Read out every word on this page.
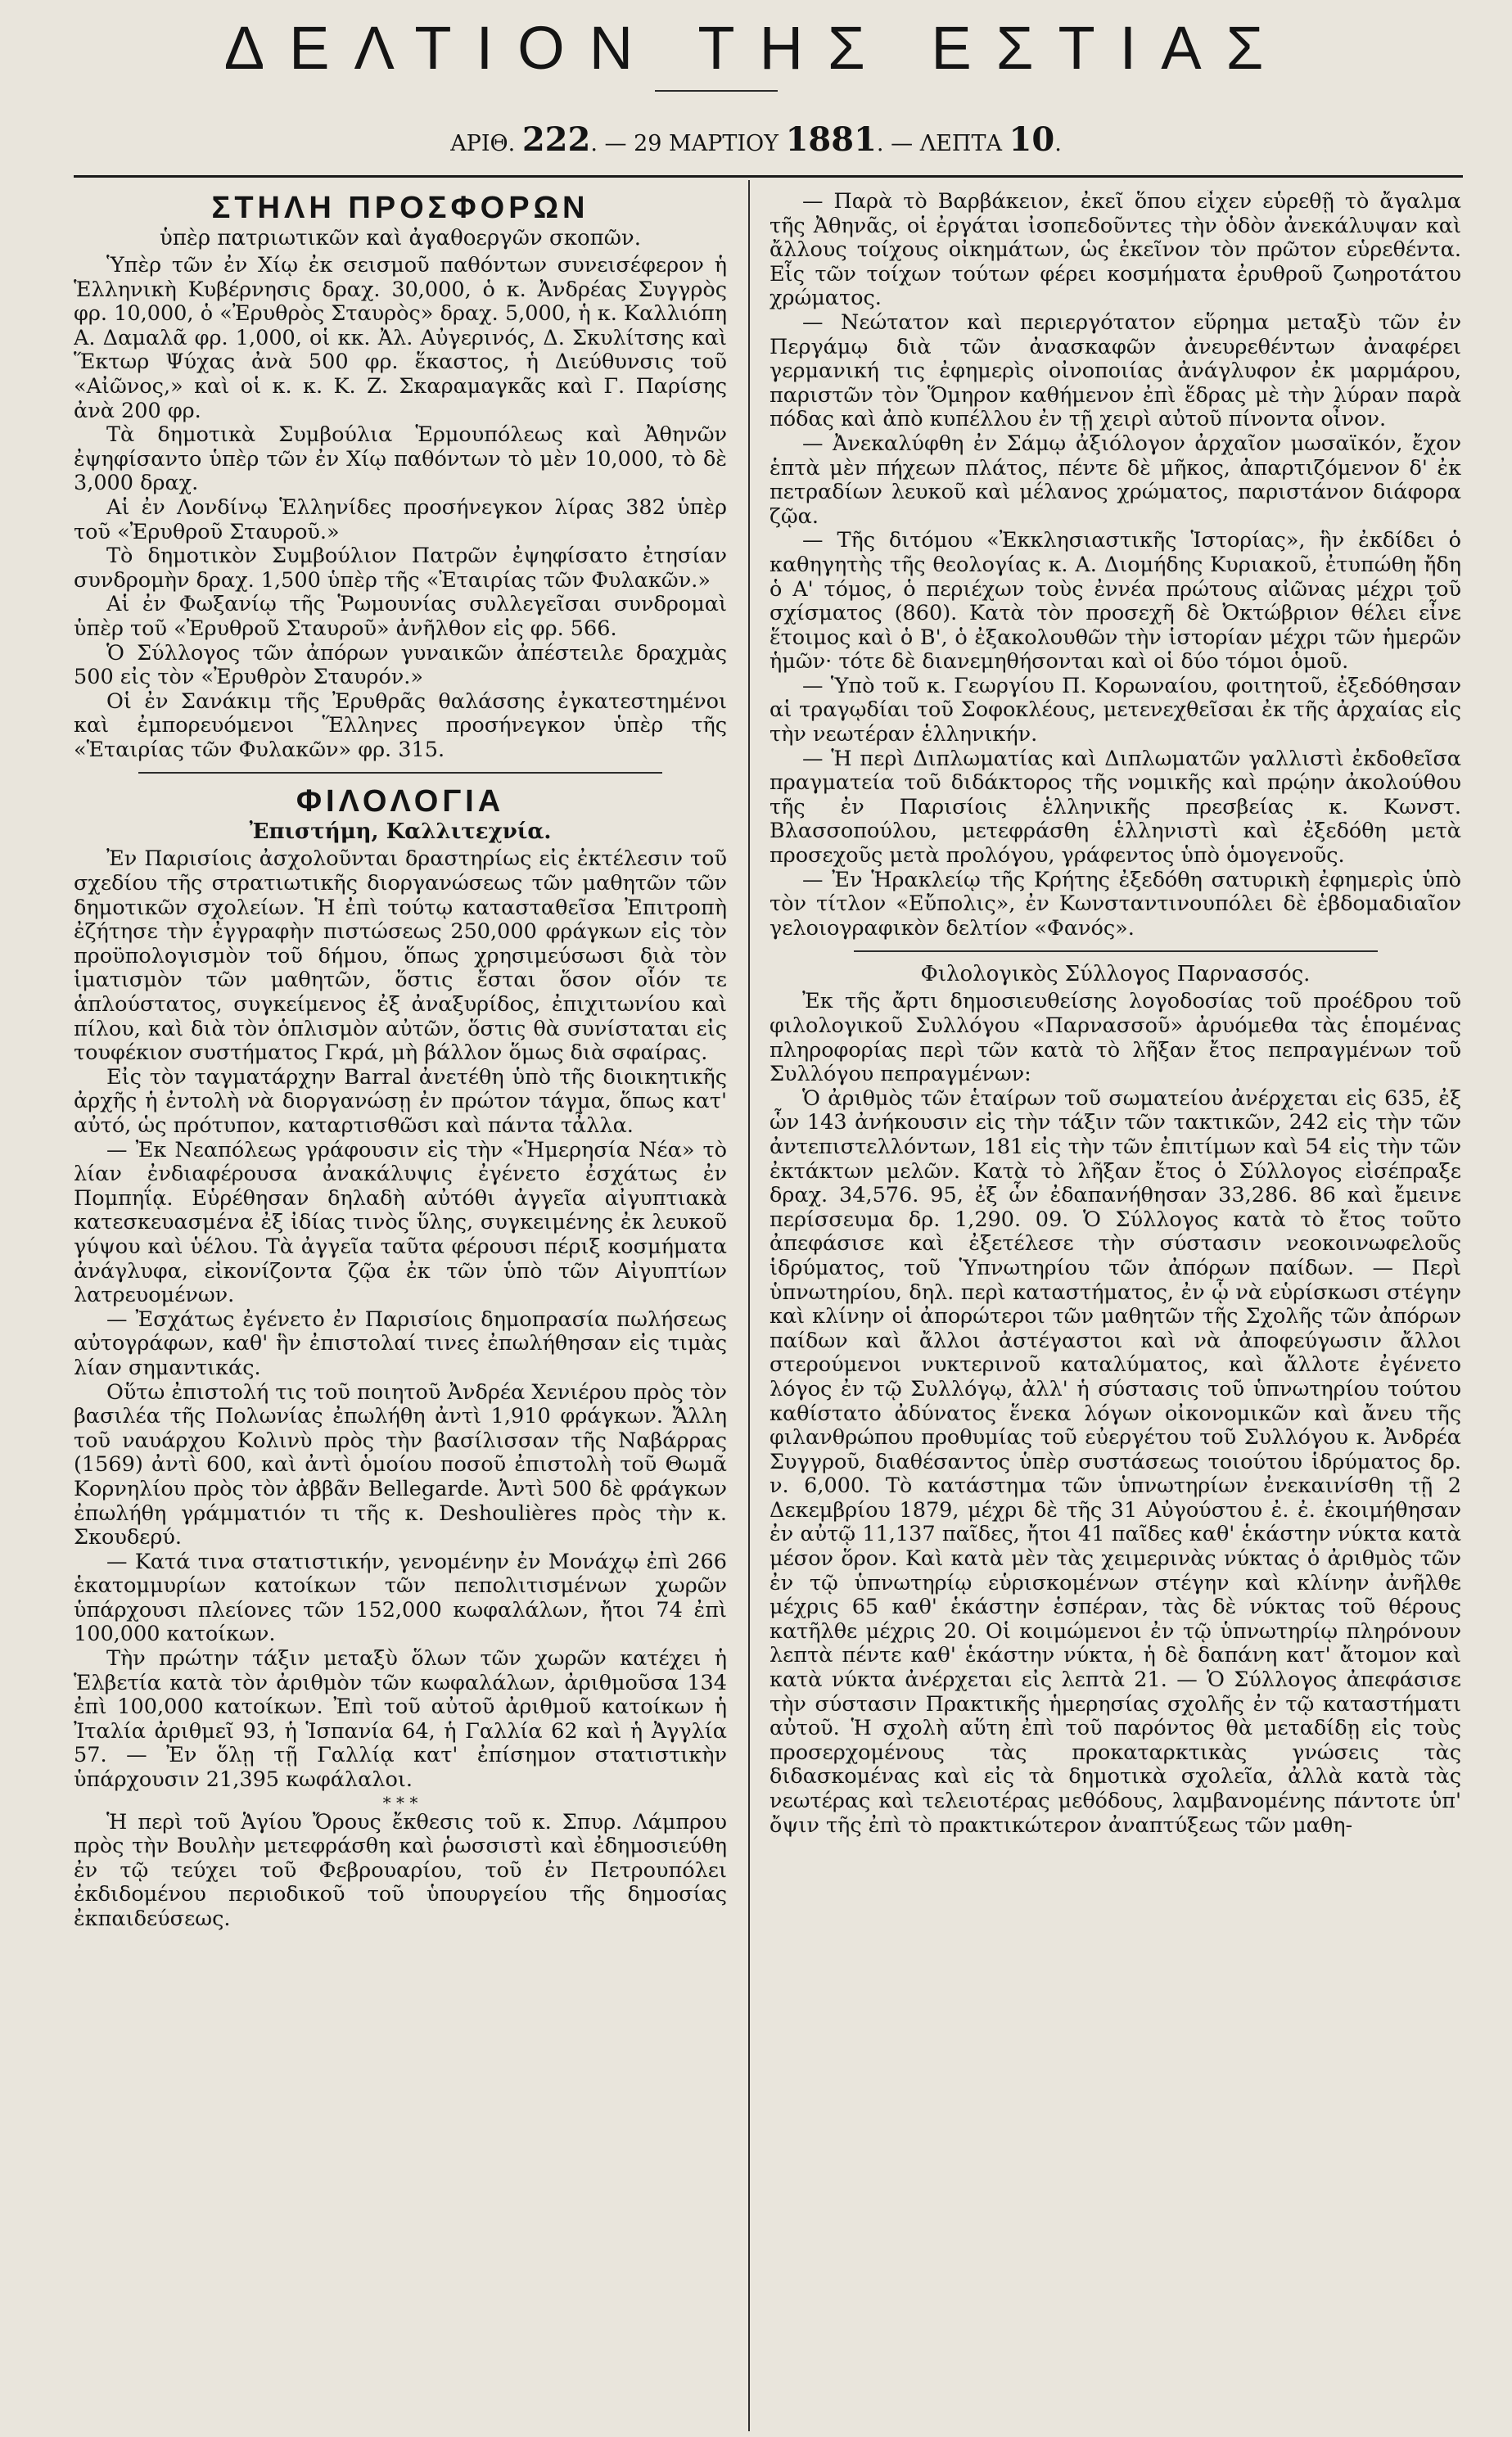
ΔΕΛΤΙΟΝ ΤΗΣ ΕΣΤΙΑΣ
ΑΡΙΘ. 222. — 29 ΜΑΡΤΙΟΥ 1881. — ΛΕΠΤΑ 10.
ΣΤΗΛΗ ΠΡΟΣΦΟΡΩΝ
ὑπὲρ πατριωτικῶν καὶ ἀγαθοεργῶν σκοπῶν.

Ὑπὲρ τῶν ἐν Χίῳ ἐκ σεισμοῦ παθόντων συνεισέφερον ἡ Ἑλληνικὴ Κυβέρνησις δραχ. 30,000, ὁ κ. Ἀνδρέας Συγγρὸς φρ. 10,000, ὁ «Ἐρυθρὸς Σταυρὸς» δραχ. 5,000, ἡ κ. Καλλιόπη Α. Δαμαλᾶ φρ. 1,000, οἱ κκ. Ἀλ. Αὐγερινός, Δ. Σκυλίτσης καὶ Ἕκτωρ Ψύχας ἀνὰ 500 φρ. ἕκαστος, ἡ Διεύθυνσις τοῦ «Αἰῶνος,» καὶ οἱ κ. κ. Κ. Ζ. Σκαραμαγκᾶς καὶ Γ. Παρίσης ἀνὰ 200 φρ.

Τὰ δημοτικὰ Συμβούλια Ἑρμουπόλεως καὶ Ἀθηνῶν ἐψηφίσαντο ὑπὲρ τῶν ἐν Χίῳ παθόντων τὸ μὲν 10,000, τὸ δὲ 3,000 δραχ.

Αἱ ἐν Λονδίνῳ Ἑλληνίδες προσήνεγκον λίρας 382 ὑπὲρ τοῦ «Ἐρυθροῦ Σταυροῦ.»

Τὸ δημοτικὸν Συμβούλιον Πατρῶν ἐψηφίσατο ἐτησίαν συνδρομὴν δραχ. 1,500 ὑπὲρ τῆς «Ἑταιρίας τῶν Φυλακῶν.»

Αἱ ἐν Φωξανίῳ τῆς Ῥωμουνίας συλλεγεῖσαι συνδρομαὶ ὑπὲρ τοῦ «Ἐρυθροῦ Σταυροῦ» ἀνῆλθον εἰς φρ. 566.

Ὁ Σύλλογος τῶν ἀπόρων γυναικῶν ἀπέστειλε δραχμὰς 500 εἰς τὸν «Ἐρυθρὸν Σταυρόν.»

Οἱ ἐν Σανάκιμ τῆς Ἐρυθρᾶς θαλάσσης ἐγκατεστημένοι καὶ ἐμπορευόμενοι Ἕλληνες προσήνεγκον ὑπὲρ τῆς «Ἑταιρίας τῶν Φυλακῶν» φρ. 315.

ΦΙΛΟΛΟΓΙΑ
Ἐπιστήμη, Καλλιτεχνία.

Ἐν Παρισίοις ἀσχολοῦνται δραστηρίως εἰς ἐκτέλεσιν τοῦ σχεδίου τῆς στρατιωτικῆς διοργανώσεως τῶν μαθητῶν τῶν δημοτικῶν σχολείων. Ἡ ἐπὶ τούτῳ κατασταθεῖσα Ἐπιτροπὴ ἐζήτησε τὴν ἐγγραφὴν πιστώσεως 250,000 φράγκων εἰς τὸν προϋπολογισμὸν τοῦ δήμου, ὅπως χρησιμεύσωσι διὰ τὸν ἱματισμὸν τῶν μαθητῶν, ὅστις ἔσται ὅσον οἷόν τε ἁπλούστατος, συγκείμενος ἐξ ἀναξυρίδος, ἐπιχιτωνίου καὶ πίλου, καὶ διὰ τὸν ὁπλισμὸν αὐτῶν, ὅστις θὰ συνίσταται εἰς τουφέκιον συστήματος Γκρά, μὴ βάλλον ὅμως διὰ σφαίρας.

Εἰς τὸν ταγματάρχην Barral ἀνετέθη ὑπὸ τῆς διοικητικῆς ἀρχῆς ἡ ἐντολὴ νὰ διοργανώσῃ ἐν πρώτον τάγμα, ὅπως κατ' αὐτό, ὡς πρότυπον, καταρτισθῶσι καὶ πάντα τἆλλα.

— Ἐκ Νεαπόλεως γράφουσιν εἰς τὴν «Ἡμερησία Νέα» τὸ λίαν ἐνδιαφέρουσα ἀνακάλυψις ἐγένετο ἐσχάτως ἐν Πομπηΐᾳ. Εὑρέθησαν δηλαδὴ αὐτόθι ἀγγεῖα αἰγυπτιακὰ κατεσκευασμένα ἐξ ἰδίας τινὸς ὕλης, συγκειμένης ἐκ λευκοῦ γύψου καὶ ὑέλου. Τὰ ἀγγεῖα ταῦτα φέρουσι πέριξ κοσμήματα ἀνάγλυφα, εἰκονίζοντα ζῷα ἐκ τῶν ὑπὸ τῶν Αἰγυπτίων λατρευομένων.

— Ἐσχάτως ἐγένετο ἐν Παρισίοις δημοπρασία πωλήσεως αὐτογράφων, καθ' ἣν ἐπιστολαί τινες ἐπωλήθησαν εἰς τιμὰς λίαν σημαντικάς.

Οὕτω ἐπιστολή τις τοῦ ποιητοῦ Ἀνδρέα Χενιέρου πρὸς τὸν βασιλέα τῆς Πολωνίας ἐπωλήθη ἀντὶ 1,910 φράγκων. Ἄλλη τοῦ ναυάρχου Κολινὺ πρὸς τὴν βασίλισσαν τῆς Ναβάρρας (1569) ἀντὶ 600, καὶ ἀντὶ ὁμοίου ποσοῦ ἐπιστολὴ τοῦ Θωμᾶ Κορνηλίου πρὸς τὸν ἀββᾶν Bellegarde. Ἀντὶ 500 δὲ φράγκων ἐπωλήθη γράμματιόν τι τῆς κ. Deshoulières πρὸς τὴν κ. Σκουδερύ.

— Κατά τινα στατιστικήν, γενομένην ἐν Μονάχῳ ἐπὶ 266 ἑκατομμυρίων κατοίκων τῶν πεπολιτισμένων χωρῶν ὑπάρχουσι πλείονες τῶν 152,000 κωφαλάλων, ἤτοι 74 ἐπὶ 100,000 κατοίκων.

Τὴν πρώτην τάξιν μεταξὺ ὅλων τῶν χωρῶν κατέχει ἡ Ἑλβετία κατὰ τὸν ἀριθμὸν τῶν κωφαλάλων, ἀριθμοῦσα 134 ἐπὶ 100,000 κατοίκων. Ἐπὶ τοῦ αὐτοῦ ἀριθμοῦ κατοίκων ἡ Ἰταλία ἀριθμεῖ 93, ἡ Ἱσπανία 64, ἡ Γαλλία 62 καὶ ἡ Ἀγγλία 57. — Ἐν ὅλῃ τῇ Γαλλίᾳ κατ' ἐπίσημον στατιστικὴν ὑπάρχουσιν 21,395 κωφάλαλοι.

* * *

Ἡ περὶ τοῦ Ἁγίου Ὄρους ἔκθεσις τοῦ κ. Σπυρ. Λάμπρου πρὸς τὴν Βουλὴν μετεφράσθη καὶ ῥωσσιστὶ καὶ ἐδημοσιεύθη ἐν τῷ τεύχει τοῦ Φεβρουαρίου, τοῦ ἐν Πετρουπόλει ἐκδιδομένου περιοδικοῦ τοῦ ὑπουργείου τῆς δημοσίας ἐκπαιδεύσεως.

— Παρὰ τὸ Βαρβάκειον, ἐκεῖ ὅπου εἶχεν εὑρεθῇ τὸ ἄγαλμα τῆς Ἀθηνᾶς, οἱ ἐργάται ἰσοπεδοῦντες τὴν ὁδὸν ἀνεκάλυψαν καὶ ἄλλους τοίχους οἰκημάτων, ὡς ἐκεῖνον τὸν πρῶτον εὑρεθέντα. Εἷς τῶν τοίχων τούτων φέρει κοσμήματα ἐρυθροῦ ζωηροτάτου χρώματος.

— Νεώτατον καὶ περιεργότατον εὕρημα μεταξὺ τῶν ἐν Περγάμῳ διὰ τῶν ἀνασκαφῶν ἀνευρεθέντων ἀναφέρει γερμανική τις ἐφημερὶς οἰνοποιίας ἀνάγλυφον ἐκ μαρμάρου, παριστῶν τὸν Ὅμηρον καθήμενον ἐπὶ ἕδρας μὲ τὴν λύραν παρὰ πόδας καὶ ἀπὸ κυπέλλου ἐν τῇ χειρὶ αὐτοῦ πίνοντα οἶνον.

— Ἀνεκαλύφθη ἐν Σάμῳ ἀξιόλογον ἀρχαῖον μωσαϊκόν, ἔχον ἑπτὰ μὲν πήχεων πλάτος, πέντε δὲ μῆκος, ἀπαρτιζόμενον δ' ἐκ πετραδίων λευκοῦ καὶ μέλανος χρώματος, παριστάνον διάφορα ζῷα.

— Τῆς διτόμου «Ἐκκλησιαστικῆς Ἱστορίας», ἣν ἐκδίδει ὁ καθηγητὴς τῆς θεολογίας κ. Α. Διομήδης Κυριακοῦ, ἐτυπώθη ἤδη ὁ Α' τόμος, ὁ περιέχων τοὺς ἐννέα πρώτους αἰῶνας μέχρι τοῦ σχίσματος (860). Κατὰ τὸν προσεχῆ δὲ Ὀκτώβριον θέλει εἶνε ἕτοιμος καὶ ὁ Β', ὁ ἐξακολουθῶν τὴν ἱστορίαν μέχρι τῶν ἡμερῶν ἡμῶν· τότε δὲ διανεμηθήσονται καὶ οἱ δύο τόμοι ὁμοῦ.

— Ὑπὸ τοῦ κ. Γεωργίου Π. Κορωναίου, φοιτητοῦ, ἐξεδόθησαν αἱ τραγῳδίαι τοῦ Σοφοκλέους, μετενεχθεῖσαι ἐκ τῆς ἀρχαίας εἰς τὴν νεωτέραν ἑλληνικήν.

— Ἡ περὶ Διπλωματίας καὶ Διπλωματῶν γαλλιστὶ ἐκδοθεῖσα πραγματεία τοῦ διδάκτορος τῆς νομικῆς καὶ πρῴην ἀκολούθου τῆς ἐν Παρισίοις ἑλληνικῆς πρεσβείας κ. Κωνστ. Βλασσοπούλου, μετεφράσθη ἑλληνιστὶ καὶ ἐξεδόθη μετὰ προσεχοῦς μετὰ προλόγου, γράφεντος ὑπὸ ὁμογενοῦς.

— Ἐν Ἡρακλείῳ τῆς Κρήτης ἐξεδόθη σατυρικὴ ἐφημερὶς ὑπὸ τὸν τίτλον «Εὔπολις», ἐν Κωνσταντινουπόλει δὲ ἑβδομαδιαῖον γελοιογραφικὸν δελτίον «Φανός».

Φιλολογικὸς Σύλλογος Παρνασσός.

Ἐκ τῆς ἄρτι δημοσιευθείσης λογοδοσίας τοῦ προέδρου τοῦ φιλολογικοῦ Συλλόγου «Παρνασσοῦ» ἀρυόμεθα τὰς ἑπομένας πληροφορίας περὶ τῶν κατὰ τὸ λῆξαν ἔτος πεπραγμένων τοῦ Συλλόγου πεπραγμένων:

Ὁ ἀριθμὸς τῶν ἑταίρων τοῦ σωματείου ἀνέρχεται εἰς 635, ἐξ ὧν 143 ἀνήκουσιν εἰς τὴν τάξιν τῶν τακτικῶν, 242 εἰς τὴν τῶν ἀντεπιστελλόντων, 181 εἰς τὴν τῶν ἐπιτίμων καὶ 54 εἰς τὴν τῶν ἐκτάκτων μελῶν. Κατὰ τὸ λῆξαν ἔτος ὁ Σύλλογος εἰσέπραξε δραχ. 34,576. 95, ἐξ ὧν ἐδαπανήθησαν 33,286. 86 καὶ ἔμεινε περίσσευμα δρ. 1,290. 09. Ὁ Σύλλογος κατὰ τὸ ἔτος τοῦτο ἀπεφάσισε καὶ ἐξετέλεσε τὴν σύστασιν νεοκοινωφελοῦς ἱδρύματος, τοῦ Ὑπνωτηρίου τῶν ἀπόρων παίδων. — Περὶ ὑπνωτηρίου, δηλ. περὶ καταστήματος, ἐν ᾧ νὰ εὑρίσκωσι στέγην καὶ κλίνην οἱ ἀπορώτεροι τῶν μαθητῶν τῆς Σχολῆς τῶν ἀπόρων παίδων καὶ ἄλλοι ἀστέγαστοι καὶ νὰ ἀποφεύγωσιν ἄλλοι στερούμενοι νυκτερινοῦ καταλύματος, καὶ ἄλλοτε ἐγένετο λόγος ἐν τῷ Συλλόγῳ, ἀλλ' ἡ σύστασις τοῦ ὑπνωτηρίου τούτου καθίστατο ἀδύνατος ἕνεκα λόγων οἰκονομικῶν καὶ ἄνευ τῆς φιλανθρώπου προθυμίας τοῦ εὐεργέτου τοῦ Συλλόγου κ. Ἀνδρέα Συγγροῦ, διαθέσαντος ὑπὲρ συστάσεως τοιούτου ἱδρύματος δρ. ν. 6,000. Τὸ κατάστημα τῶν ὑπνωτηρίων ἐνεκαινίσθη τῇ 2 Δεκεμβρίου 1879, μέχρι δὲ τῆς 31 Αὐγούστου ἐ. ἐ. ἐκοιμήθησαν ἐν αὐτῷ 11,137 παῖδες, ἤτοι 41 παῖδες καθ' ἑκάστην νύκτα κατὰ μέσον ὅρον. Καὶ κατὰ μὲν τὰς χειμερινὰς νύκτας ὁ ἀριθμὸς τῶν ἐν τῷ ὑπνωτηρίῳ εὑρισκομένων στέγην καὶ κλίνην ἀνῆλθε μέχρις 65 καθ' ἑκάστην ἑσπέραν, τὰς δὲ νύκτας τοῦ θέρους κατῆλθε μέχρις 20. Οἱ κοιμώμενοι ἐν τῷ ὑπνωτηρίῳ πληρόνουν λεπτὰ πέντε καθ' ἑκάστην νύκτα, ἡ δὲ δαπάνη κατ' ἄτομον καὶ κατὰ νύκτα ἀνέρχεται εἰς λεπτὰ 21. — Ὁ Σύλλογος ἀπεφάσισε τὴν σύστασιν Πρακτικῆς ἡμερησίας σχολῆς ἐν τῷ καταστήματι αὐτοῦ. Ἡ σχολὴ αὕτη ἐπὶ τοῦ παρόντος θὰ μεταδίδῃ εἰς τοὺς προσερχομένους τὰς προκαταρκτικὰς γνώσεις τὰς διδασκομένας καὶ εἰς τὰ δημοτικὰ σχολεῖα, ἀλλὰ κατὰ τὰς νεωτέρας καὶ τελειοτέρας μεθόδους, λαμβανομένης πάντοτε ὑπ' ὄψιν τῆς ἐπὶ τὸ πρακτικώτερον ἀναπτύξεως τῶν μαθη-
